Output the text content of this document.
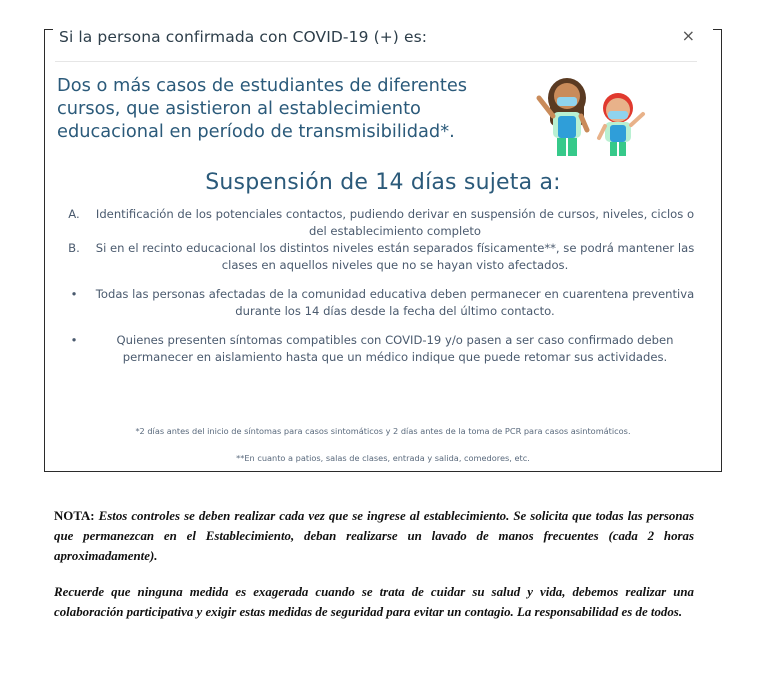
Si la persona confirmada con COVID-19 (+) es:	×
Dos o más casos de estudiantes de diferentes cursos, que asistieron al establecimiento educacional en período de transmisibilidad*.
Suspensión de 14 días sujeta a:
A.	Identificación de los potenciales contactos, pudiendo derivar en suspensión de cursos, niveles, ciclos o del establecimiento completo
B.	Si en el recinto educacional los distintos niveles están separados físicamente**, se podrá mantener las clases en aquellos niveles que no se hayan visto afectados.
•	Todas las personas afectadas de la comunidad educativa deben permanecer en cuarentena preventiva durante los 14 días desde la fecha del último contacto.
•	Quienes presenten síntomas compatibles con COVID-19 y/o pasen a ser caso confirmado deben permanecer en aislamiento hasta que un médico indique que puede retomar sus actividades.
*2 días antes del inicio de síntomas para casos sintomáticos y 2 días antes de la toma de PCR para casos asintomáticos.
**En cuanto a patios, salas de clases, entrada y salida, comedores, etc.
NOTA: Estos controles se deben realizar cada vez que se ingrese al establecimiento. Se solicita que todas las personas que permanezcan en el Establecimiento, deban realizarse un lavado de manos frecuentes (cada 2 horas aproximadamente).
Recuerde que ninguna medida es exagerada cuando se trata de cuidar su salud y vida, debemos realizar una colaboración participativa y exigir estas medidas de seguridad para evitar un contagio. La responsabilidad es de todos.
